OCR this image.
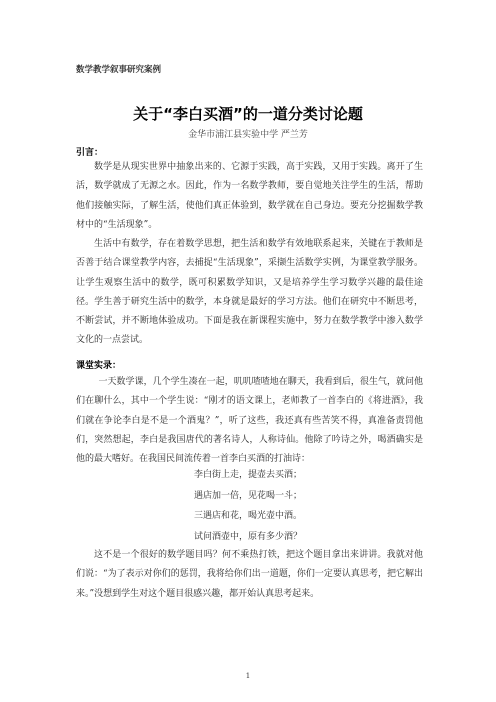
数学教学叙事研究案例
关于“李白买酒”的一道分类讨论题
金华市浦江县实验中学 严兰芳
引言：

数学是从现实世界中抽象出来的、它源于实践，高于实践，又用于实践。离开了生活，数学就成了无源之水。因此，作为一名数学教师，要自觉地关注学生的生活，帮助他们接触实际，了解生活，使他们真正体验到，数学就在自己身边。要充分挖掘数学教材中的“生活现象”。

生活中有数学，存在着数学思想，把生活和数学有效地联系起来，关键在于教师是否善于结合课堂教学内容，去捕捉“生活现象”，采撷生活数学实例，为课堂教学服务。让学生观察生活中的数学，既可积累数学知识，又是培养学生学习数学兴趣的最佳途径。学生善于研究生活中的数学，本身就是最好的学习方法。他们在研究中不断思考，不断尝试，并不断地体验成功。下面是我在新课程实施中，努力在数学教学中渗入数学文化的一点尝试。

课堂实录：

一天数学课，几个学生凑在一起，叽叽喳喳地在聊天，我看到后，很生气，就问他们在聊什么，其中一个学生说：“刚才的语文课上，老师教了一首李白的《将进酒》，我们就在争论李白是不是一个酒鬼？”，听了这些，我还真有些苦笑不得，真准备责罚他们，突然想起，李白是我国唐代的著名诗人，人称诗仙。他除了吟诗之外，喝酒确实是他的最大嗜好。在我国民间流传着一首李白买酒的打油诗：

李白街上走，提壶去买酒；
遇店加一倍，见花喝一斗；
三遇店和花，喝光壶中酒。
试问酒壶中，原有多少酒？

这不是一个很好的数学题目吗？何不乘热打铁，把这个题目拿出来讲讲。我就对他们说：“为了表示对你们的惩罚，我将给你们出一道题，你们一定要认真思考，把它解出来。”没想到学生对这个题目很感兴趣，都开始认真思考起来。

1
